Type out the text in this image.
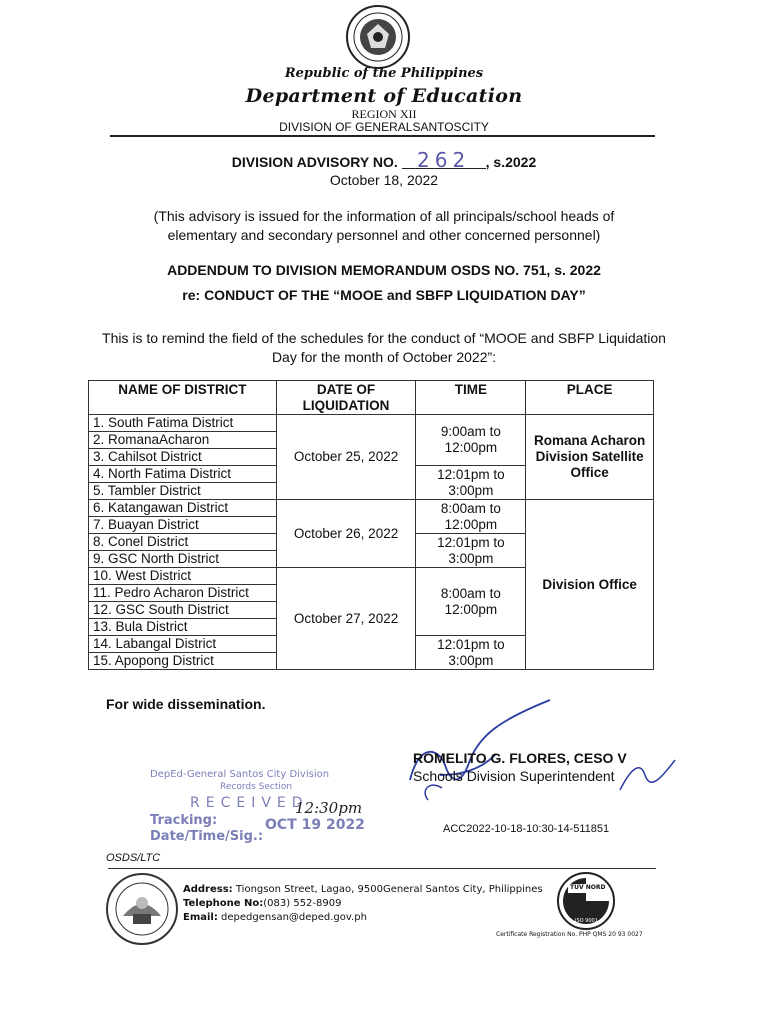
Republic of the Philippines
Department of Education
REGION XII
DIVISION OF GENERALSANTOSCITY
DIVISION ADVISORY NO. 262 , s.2022
October 18, 2022
(This advisory is issued for the information of all principals/school heads of elementary and secondary personnel and other concerned personnel)
ADDENDUM TO DIVISION MEMORANDUM OSDS NO. 751, s. 2022
re: CONDUCT OF THE “MOOE and SBFP LIQUIDATION DAY”
This is to remind the field of the schedules for the conduct of “MOOE and SBFP Liquidation Day for the month of October 2022”:
NAME OF DISTRICT	DATE OF LIQUIDATION	TIME	PLACE
1. South Fatima District	October 25, 2022	9:00am to 12:00pm	Romana Acharon Division Satellite Office
2. RomanaAcharon			
3. Cahilsot District			
4. North Fatima District		12:01pm to 3:00pm	
5. Tambler District			
6. Katangawan District	October 26, 2022	8:00am to 12:00pm	Division Office
7. Buayan District			
8. Conel District		12:01pm to 3:00pm	
9. GSC North District			
10. West District	October 27, 2022	8:00am to 12:00pm	
11. Pedro Acharon District			
12. GSC South District			
13. Bula District			
14. Labangal District		12:01pm to 3:00pm	
15. Apopong District			
For wide dissemination.
ROMELITO G. FLORES, CESO V
Schools Division Superintendent
DepEd-General Santos City Division
Records Section
RECEIVED
Tracking:
Date/Time/Sig.:
OCT 19 2022
12:30pm
ACC2022-10-18-10:30-14-511851
OSDS/LTC
Address: Tiongson Street, Lagao, 9500General Santos City, Philippines
Telephone No:(083) 552-8909
Email: depedgensan@deped.gov.ph
TÜV NORD
ISO 9001
Certificate Registration No. PHP QMS 20 93 0027
